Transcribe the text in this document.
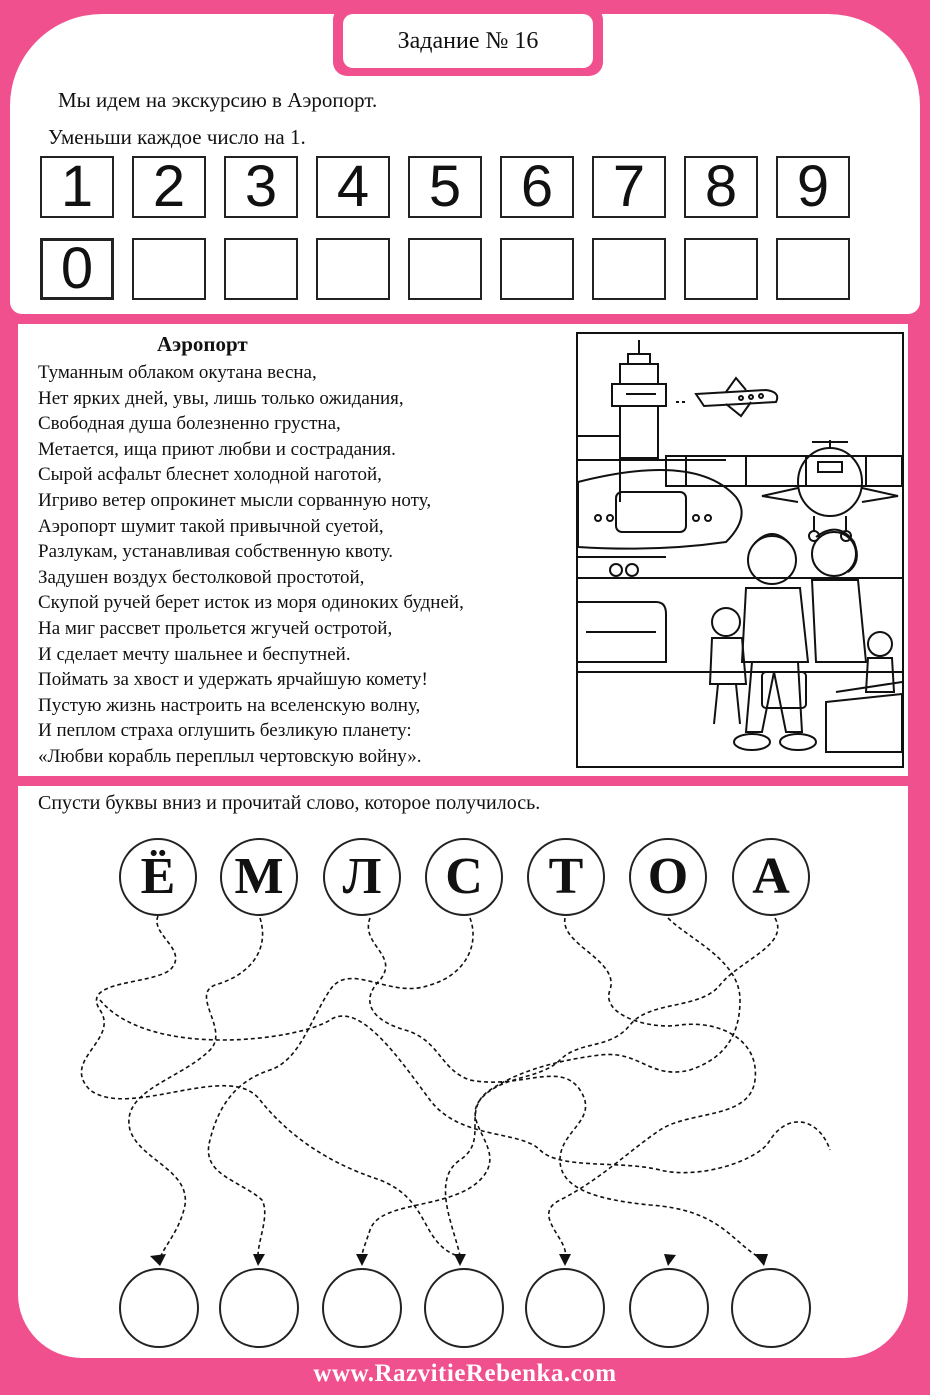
Задание № 16
Мы идем на экскурсию в Аэропорт.
Уменьши каждое число на 1.
1	2	3	4	5	6	7	8	9
0
Аэропорт
Туманным облаком окутана весна,
Нет ярких дней, увы, лишь только ожидания,
Свободная душа болезненно грустна,
Метается, ища приют любви и сострадания.
Сырой асфальт блеснет холодной наготой,
Игриво ветер опрокинет мысли сорванную ноту,
Аэропорт шумит такой привычной суетой,
Разлукам, устанавливая собственную квоту.
Задушен воздух бестолковой простотой,
Скупой ручей берет исток из моря одиноких будней,
На миг рассвет прольется жгучей остротой,
И сделает мечту шальнее и беспутней.
Поймать за хвост и удержать ярчайшую комету!
Пустую жизнь настроить на вселенскую волну,
И пеплом страха оглушить безликую планету:
«Любви корабль переплыл чертовскую войну».
Спусти буквы вниз и прочитай слово, которое получилось.
Ё	М	Л	С	Т	О	А
www.RazvitieRebenka.com
